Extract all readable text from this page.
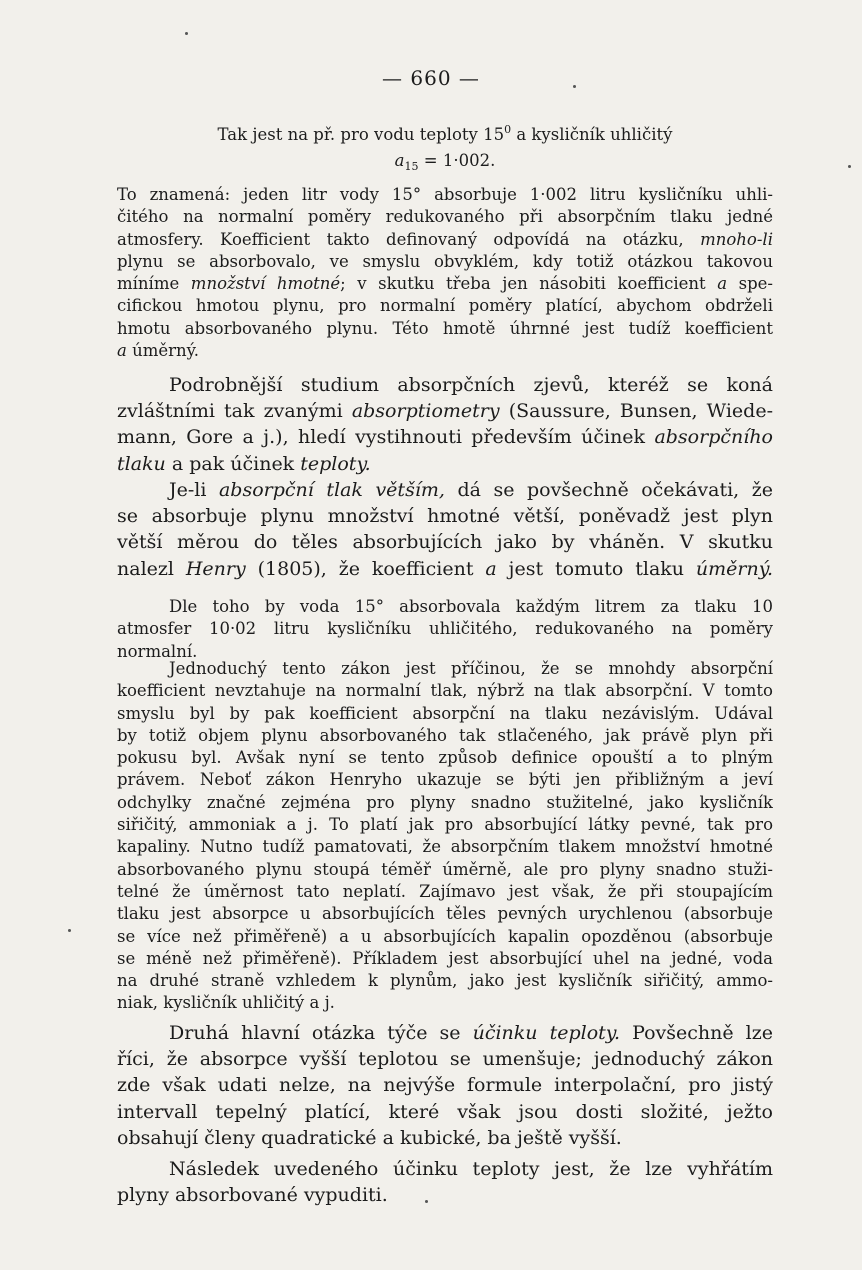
— 660 —
Tak jest na př. pro vodu teploty $15^0$ a kysličník uhličitý
$a_{15} = 1\cdot 002$.
To znamená: jeden litr vody 15° absorbuje 1·002 litru kysličníku uhli-
čitého na normalní poměry redukovaného při absorpčním tlaku jedné
atmosfery. Koefficient takto definovaný odpovídá na otázku, mnoho-li
plynu se absorbovalo, ve smyslu obvyklém, kdy totiž otázkou takovou
míníme množství hmotné; v skutku třeba jen násobiti koefficient a spe-
cifickou hmotou plynu, pro normalní poměry platící, abychom obdrželi
hmotu absorbovaného plynu. Této hmotě úhrnné jest tudíž koefficient
a úměrný.
Podrobnější studium absorpčních zjevů, kteréž se koná
zvláštními tak zvanými absorptiometry (Saussure, Bunsen, Wiede-
mann, Gore a j.), hledí vystihnouti především účinek absorpčního
tlaku a pak účinek teploty.
Je-li absorpční tlak větším, dá se povšechně očekávati, že
se absorbuje plynu množství hmotné větší, poněvadž jest plyn
větší měrou do těles absorbujících jako by vháněn. V skutku
nalezl Henry (1805), že koefficient a jest tomuto tlaku úměrný.
Dle toho by voda 15° absorbovala každým litrem za tlaku 10
atmosfer 10·02 litru kysličníku uhličitého, redukovaného na poměry
normalní.
Jednoduchý tento zákon jest příčinou, že se mnohdy absorpční
koefficient nevztahuje na normalní tlak, nýbrž na tlak absorpční. V tomto
smyslu byl by pak koefficient absorpční na tlaku nezávislým. Udával
by totiž objem plynu absorbovaného tak stlačeného, jak právě plyn při
pokusu byl. Avšak nyní se tento způsob definice opouští a to plným
právem. Neboť zákon Henryho ukazuje se býti jen přibližným a jeví
odchylky značné zejména pro plyny snadno stužitelné, jako kysličník
siřičitý, ammoniak a j. To platí jak pro absorbující látky pevné, tak pro
kapaliny. Nutno tudíž pamatovati, že absorpčním tlakem množství hmotné
absorbovaného plynu stoupá téměř úměrně, ale pro plyny snadno stuži-
telné že úměrnost tato neplatí. Zajímavo jest však, že při stoupajícím
tlaku jest absorpce u absorbujících těles pevných urychlenou (absorbuje
se více než přiměřeně) a u absorbujících kapalin opozděnou (absorbuje
se méně než přiměřeně). Příkladem jest absorbující uhel na jedné, voda
na druhé straně vzhledem k plynům, jako jest kysličník siřičitý, ammo-
niak, kysličník uhličitý a j.
Druhá hlavní otázka týče se účinku teploty. Povšechně lze
říci, že absorpce vyšší teplotou se umenšuje; jednoduchý zákon
zde však udati nelze, na nejvýše formule interpolační, pro jistý
intervall tepelný platící, které však jsou dosti složité, ježto
obsahují členy quadratické a kubické, ba ještě vyšší.
Následek uvedeného účinku teploty jest, že lze vyhřátím
plyny absorbované vypuditi.
